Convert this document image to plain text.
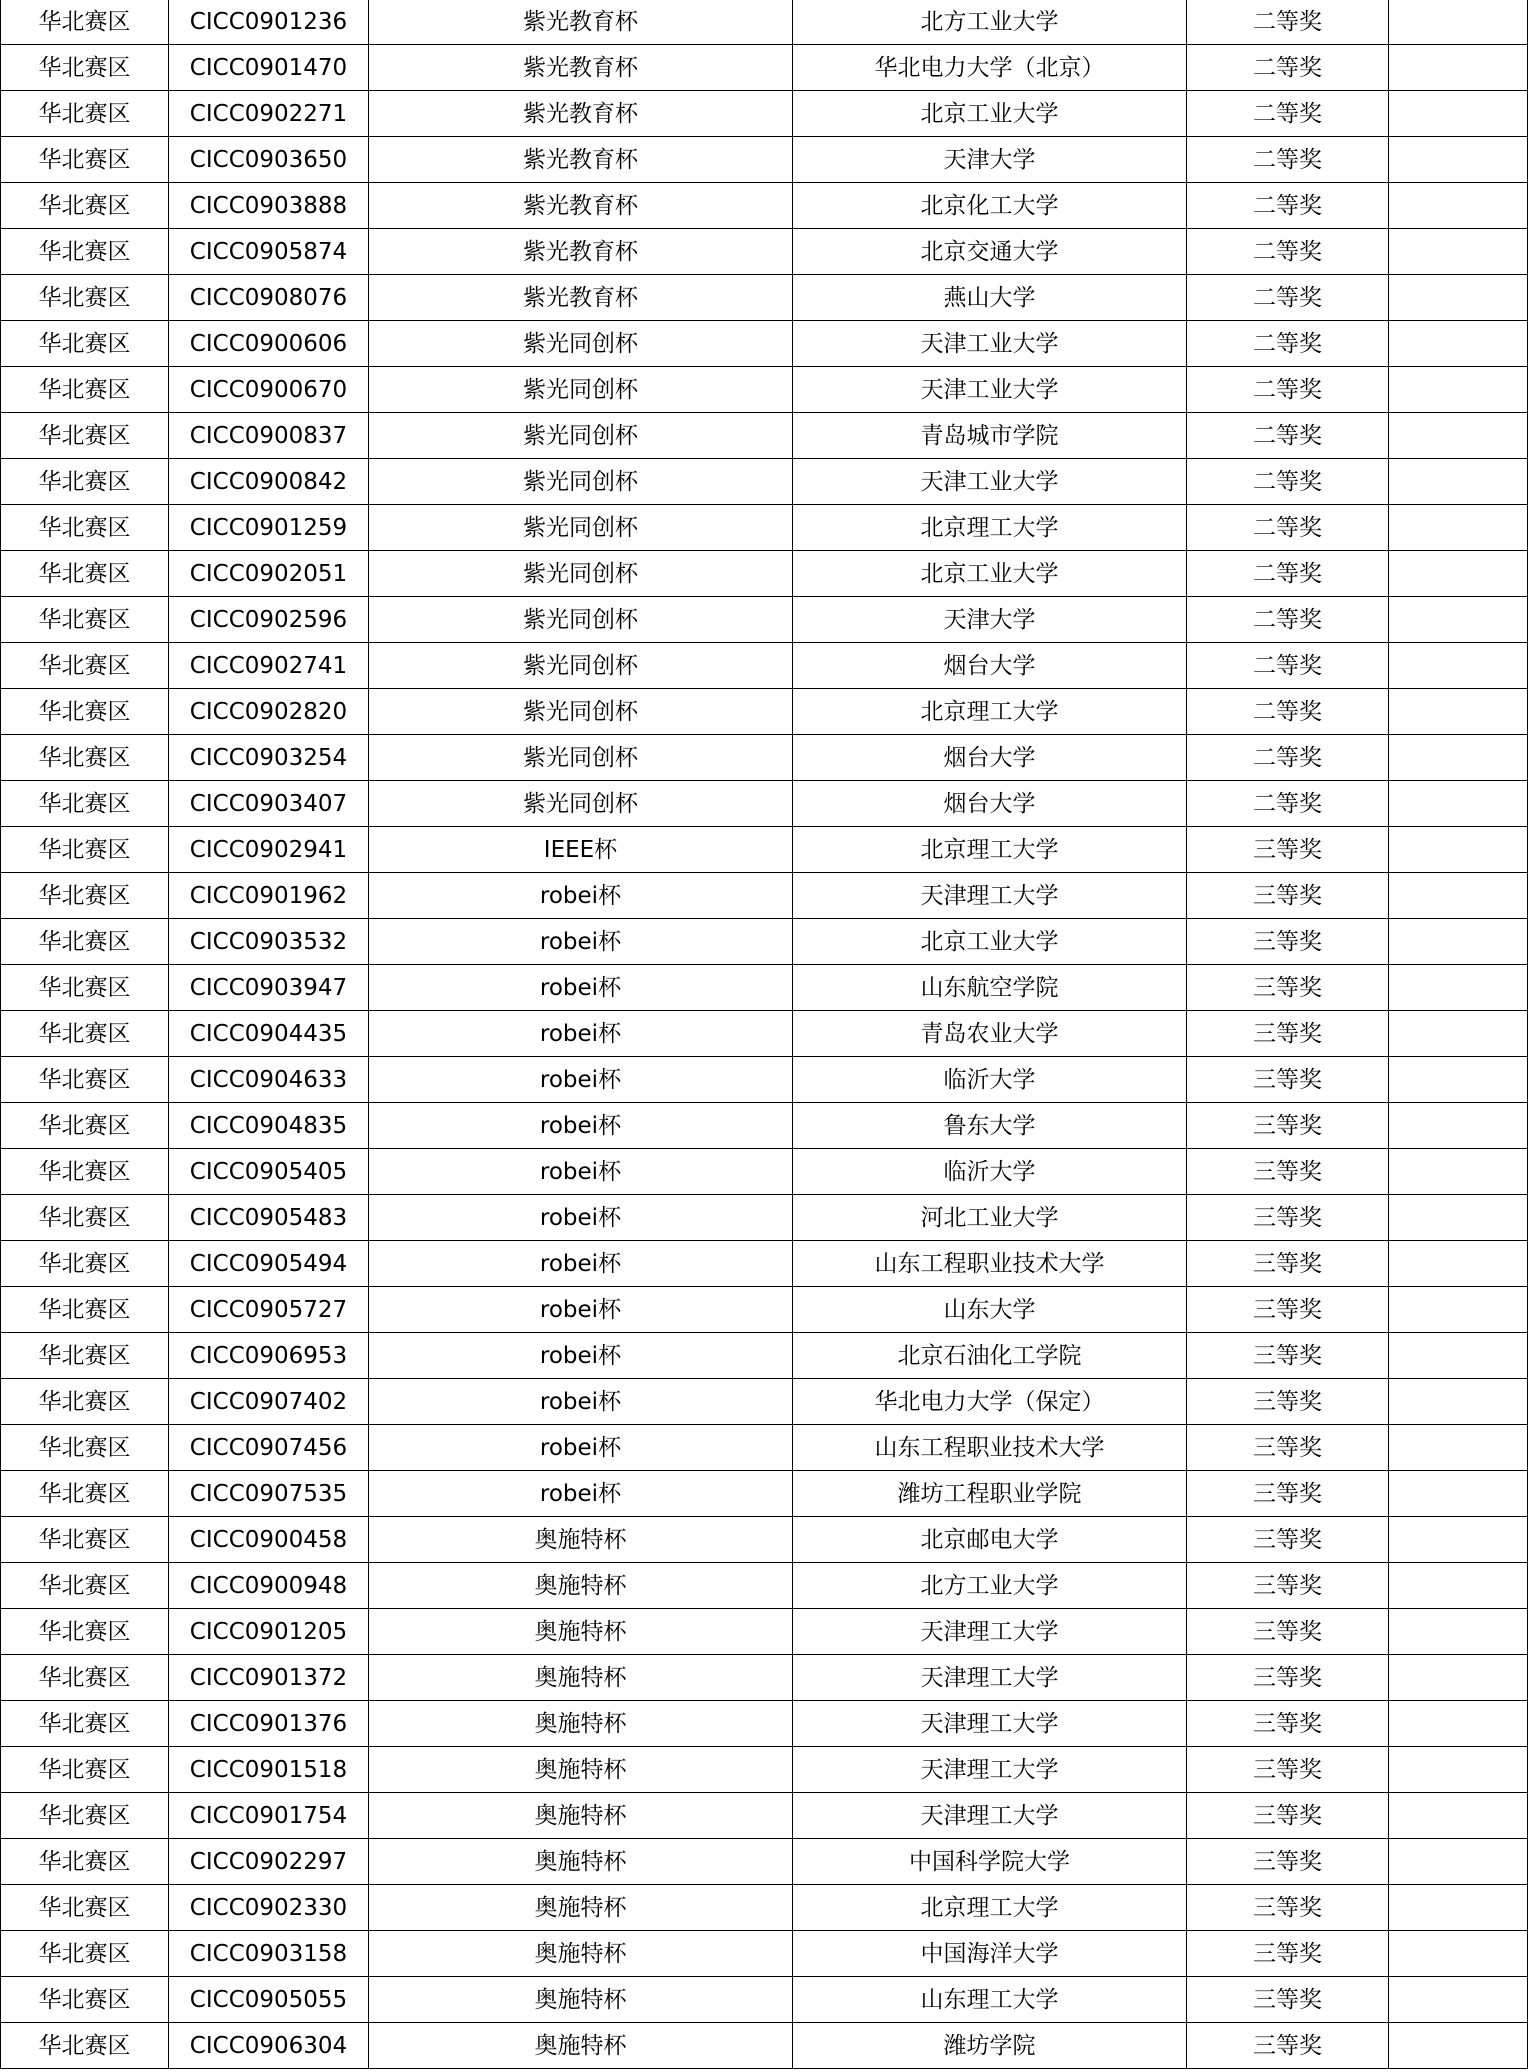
华北赛区	CICC0901236	紫光教育杯	北方工业大学	二等奖	
华北赛区	CICC0901470	紫光教育杯	华北电力大学（北京）	二等奖	
华北赛区	CICC0902271	紫光教育杯	北京工业大学	二等奖	
华北赛区	CICC0903650	紫光教育杯	天津大学	二等奖	
华北赛区	CICC0903888	紫光教育杯	北京化工大学	二等奖	
华北赛区	CICC0905874	紫光教育杯	北京交通大学	二等奖	
华北赛区	CICC0908076	紫光教育杯	燕山大学	二等奖	
华北赛区	CICC0900606	紫光同创杯	天津工业大学	二等奖	
华北赛区	CICC0900670	紫光同创杯	天津工业大学	二等奖	
华北赛区	CICC0900837	紫光同创杯	青岛城市学院	二等奖	
华北赛区	CICC0900842	紫光同创杯	天津工业大学	二等奖	
华北赛区	CICC0901259	紫光同创杯	北京理工大学	二等奖	
华北赛区	CICC0902051	紫光同创杯	北京工业大学	二等奖	
华北赛区	CICC0902596	紫光同创杯	天津大学	二等奖	
华北赛区	CICC0902741	紫光同创杯	烟台大学	二等奖	
华北赛区	CICC0902820	紫光同创杯	北京理工大学	二等奖	
华北赛区	CICC0903254	紫光同创杯	烟台大学	二等奖	
华北赛区	CICC0903407	紫光同创杯	烟台大学	二等奖	
华北赛区	CICC0902941	IEEE杯	北京理工大学	三等奖	
华北赛区	CICC0901962	robei杯	天津理工大学	三等奖	
华北赛区	CICC0903532	robei杯	北京工业大学	三等奖	
华北赛区	CICC0903947	robei杯	山东航空学院	三等奖	
华北赛区	CICC0904435	robei杯	青岛农业大学	三等奖	
华北赛区	CICC0904633	robei杯	临沂大学	三等奖	
华北赛区	CICC0904835	robei杯	鲁东大学	三等奖	
华北赛区	CICC0905405	robei杯	临沂大学	三等奖	
华北赛区	CICC0905483	robei杯	河北工业大学	三等奖	
华北赛区	CICC0905494	robei杯	山东工程职业技术大学	三等奖	
华北赛区	CICC0905727	robei杯	山东大学	三等奖	
华北赛区	CICC0906953	robei杯	北京石油化工学院	三等奖	
华北赛区	CICC0907402	robei杯	华北电力大学（保定）	三等奖	
华北赛区	CICC0907456	robei杯	山东工程职业技术大学	三等奖	
华北赛区	CICC0907535	robei杯	潍坊工程职业学院	三等奖	
华北赛区	CICC0900458	奥施特杯	北京邮电大学	三等奖	
华北赛区	CICC0900948	奥施特杯	北方工业大学	三等奖	
华北赛区	CICC0901205	奥施特杯	天津理工大学	三等奖	
华北赛区	CICC0901372	奥施特杯	天津理工大学	三等奖	
华北赛区	CICC0901376	奥施特杯	天津理工大学	三等奖	
华北赛区	CICC0901518	奥施特杯	天津理工大学	三等奖	
华北赛区	CICC0901754	奥施特杯	天津理工大学	三等奖	
华北赛区	CICC0902297	奥施特杯	中国科学院大学	三等奖	
华北赛区	CICC0902330	奥施特杯	北京理工大学	三等奖	
华北赛区	CICC0903158	奥施特杯	中国海洋大学	三等奖	
华北赛区	CICC0905055	奥施特杯	山东理工大学	三等奖	
华北赛区	CICC0906304	奥施特杯	潍坊学院	三等奖	
